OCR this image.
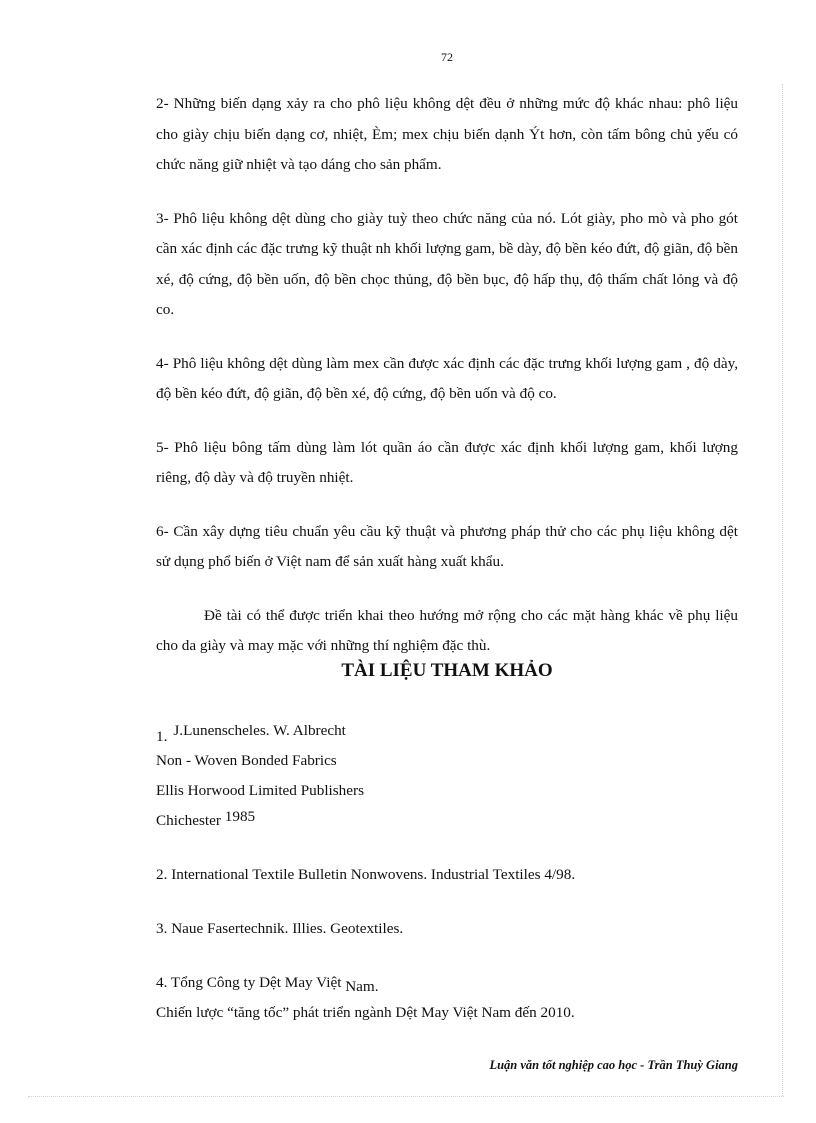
72

2- Những biến dạng xảy ra cho phô liệu không dệt đều ở những mức độ khác nhau: phô liệu cho giày chịu biến dạng cơ, nhiệt, Èm; mex chịu biến dạnh Ýt hơn, còn tấm bông chủ yếu có chức năng giữ nhiệt và tạo dáng cho sản phẩm.

3- Phô liệu không dệt dùng cho giày tuỳ theo chức năng của nó. Lót giày, pho mò và pho gót cần xác định các đặc trưng kỹ thuật nh khối lượng gam, bề dày, độ bền kéo đứt, độ giãn, độ bền xé, độ cứng, độ bền uốn, độ bền chọc thủng, độ bền bục, độ hấp thụ, độ thấm chất lỏng và độ co.

4- Phô liệu không dệt dùng làm mex cần được xác định các đặc trưng khối lượng gam , độ dày, độ bền kéo đứt, độ giãn, độ bền xé, độ cứng, độ bền uốn và độ co.

5- Phô liệu bông tấm dùng làm lót quần áo cần được xác định khối lượng gam, khối lượng riêng, độ dày và độ truyền nhiệt.

6- Cần xây dựng tiêu chuẩn yêu cầu kỹ thuật và phương pháp thử cho các phụ liệu không dệt sử dụng phổ biến ở Việt nam để sản xuất hàng xuất khẩu.

Đề tài có thể được triển khai theo hướng mở rộng cho các mặt hàng khác về phụ liệu cho da giày và may mặc với những thí nghiệm đặc thù.

TÀI LIỆU THAM KHẢO
1. J.Lunenscheles. W. Albrecht
Non - Woven Bonded Fabrics
Ellis Horwood Limited Publishers
Chichester 1985
2. International Textile Bulletin Nonwovens. Industrial Textiles 4/98.
3. Naue Fasertechnik. Illies. Geotextiles.
4. Tổng Công ty Dệt May Việt Nam.
Chiến lược “tăng tốc” phát triển ngành Dệt May Việt Nam đến 2010.
Luận văn tốt nghiệp cao học - Trần Thuỳ Giang
